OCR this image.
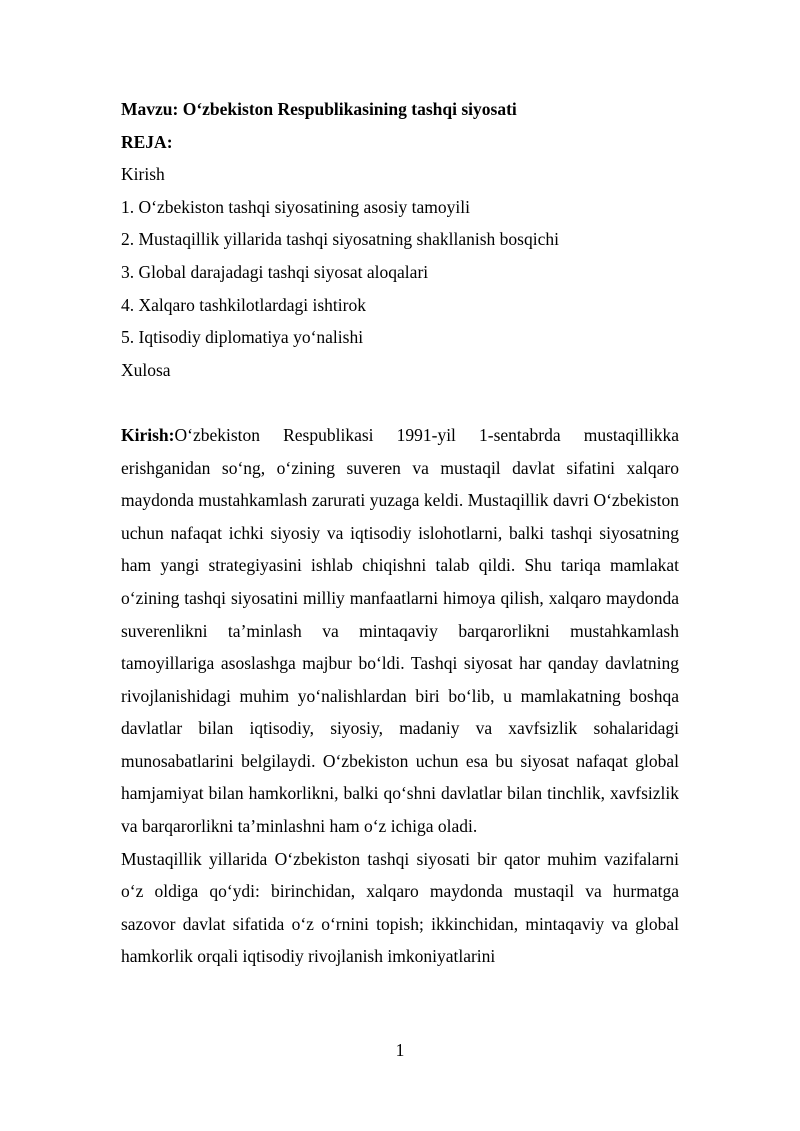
Mavzu: O‘zbekiston Respublikasining tashqi siyosati

REJA:

Kirish

1. O‘zbekiston tashqi siyosatining asosiy tamoyili

2. Mustaqillik yillarida tashqi siyosatning shakllanish bosqichi

3. Global darajadagi tashqi siyosat aloqalari

4. Xalqaro tashkilotlardagi ishtirok

5. Iqtisodiy diplomatiya yo‘nalishi

Xulosa

Kirish:O‘zbekiston Respublikasi 1991-yil 1-sentabrda mustaqillikka erishganidan so‘ng, o‘zining suveren va mustaqil davlat sifatini xalqaro maydonda mustahkamlash zarurati yuzaga keldi. Mustaqillik davri O‘zbekiston uchun nafaqat ichki siyosiy va iqtisodiy islohotlarni, balki tashqi siyosatning ham yangi strategiyasini ishlab chiqishni talab qildi. Shu tariqa mamlakat o‘zining tashqi siyosatini milliy manfaatlarni himoya qilish, xalqaro maydonda suverenlikni ta’minlash va mintaqaviy barqarorlikni mustahkamlash tamoyillariga asoslashga majbur bo‘ldi. Tashqi siyosat har qanday davlatning rivojlanishidagi muhim yo‘nalishlardan biri bo‘lib, u mamlakatning boshqa davlatlar bilan iqtisodiy, siyosiy, madaniy va xavfsizlik sohalaridagi munosabatlarini belgilaydi. O‘zbekiston uchun esa bu siyosat nafaqat global hamjamiyat bilan hamkorlikni, balki qo‘shni davlatlar bilan tinchlik, xavfsizlik va barqarorlikni ta’minlashni ham o‘z ichiga oladi.

Mustaqillik yillarida O‘zbekiston tashqi siyosati bir qator muhim vazifalarni o‘z oldiga qo‘ydi: birinchidan, xalqaro maydonda mustaqil va hurmatga sazovor davlat sifatida o‘z o‘rnini topish; ikkinchidan, mintaqaviy va global hamkorlik orqali iqtisodiy rivojlanish imkoniyatlarini

1
